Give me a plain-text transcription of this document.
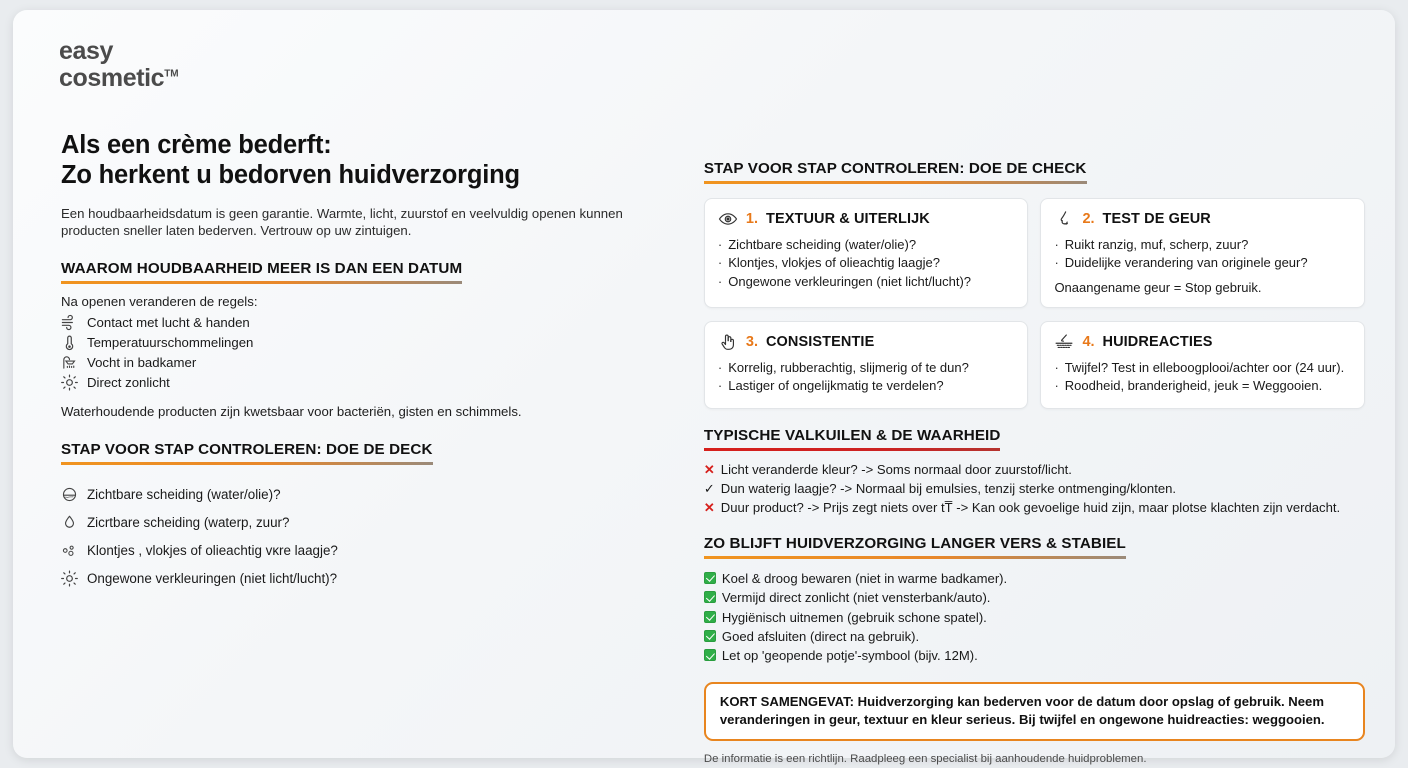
easy
cosmetic™
Als een crème bederft:
Zo herkent u bedorven huidverzorging

Een houdbaarheidsdatum is geen garantie. Warmte, licht, zuurstof en veelvuldig openen kunnen producten sneller laten bederven. Vertrouw op uw zintuigen.

WAAROM HOUDBAARHEID MEER IS DAN EEN DATUM
Na openen veranderen de regels:
Contact met lucht & handen
Temperatuurschommelingen
Vocht in badkamer
Direct zonlicht
Waterhoudende producten zijn kwetsbaar voor bacteriën, gisten en schimmels.
STAP VOOR STAP CONTROLEREN: DOE DE DECK
Zichtbare scheiding (water/olie)?
Zicrtbare scheiding (waterp, zuur?
Klontjes , vlokjes of olieachtig vᴋre laagje?
Ongewone verkleuringen (niet licht/lucht)?
STAP VOOR STAP CONTROLEREN: DOE DE CHECK
1. TEXTUUR & UITERLIJK
· Zichtbare scheiding (water/olie)?
· Klontjes, vlokjes of olieachtig laagje?
· Ongewone verkleuringen (niet licht/lucht)?
2. TEST DE GEUR
· Ruikt ranzig, muf, scherp, zuur?
· Duidelijke verandering van originele geur?
Onaangename geur = Stop gebruik.
3. CONSISTENTIE
· Korrelig, rubberachtig, slijmerig of te dun?
· Lastiger of ongelijkmatig te verdelen?
4. HUIDREACTIES
· Twijfel? Test in elleboogplooi/achter oor (24 uur).
· Roodheid, branderigheid, jeuk = Weggooien.
TYPISCHE VALKUILEN & DE WAARHEID
✕ Licht veranderde kleur? -> Soms normaal door zuurstof/licht.
✓ Dun waterig laagje? -> Normaal bij emulsies, tenzij sterke ontmenging/klonten.
✕ Duur product? -> Prijs zegt niets over tT̅ -> Kan ook gevoelige huid zijn, maar plotse klachten zijn verdacht.
ZO BLIJFT HUIDVERZORGING LANGER VERS & STABIEL
Koel & droog bewaren (niet in warme badkamer).
Vermijd direct zonlicht (niet vensterbank/auto).
Hygiënisch uitnemen (gebruik schone spatel).
Goed afsluiten (direct na gebruik).
Let op 'geopende potje'-symbool (bijv. 12M).
KORT SAMENGEVAT: Huidverzorging kan bederven voor de datum door opslag of gebruik. Neem veranderingen in geur, textuur en kleur serieus. Bij twijfel en ongewone huidreacties: weggooien.
De informatie is een richtlijn. Raadpleeg een specialist bij aanhoudende huidproblemen.
